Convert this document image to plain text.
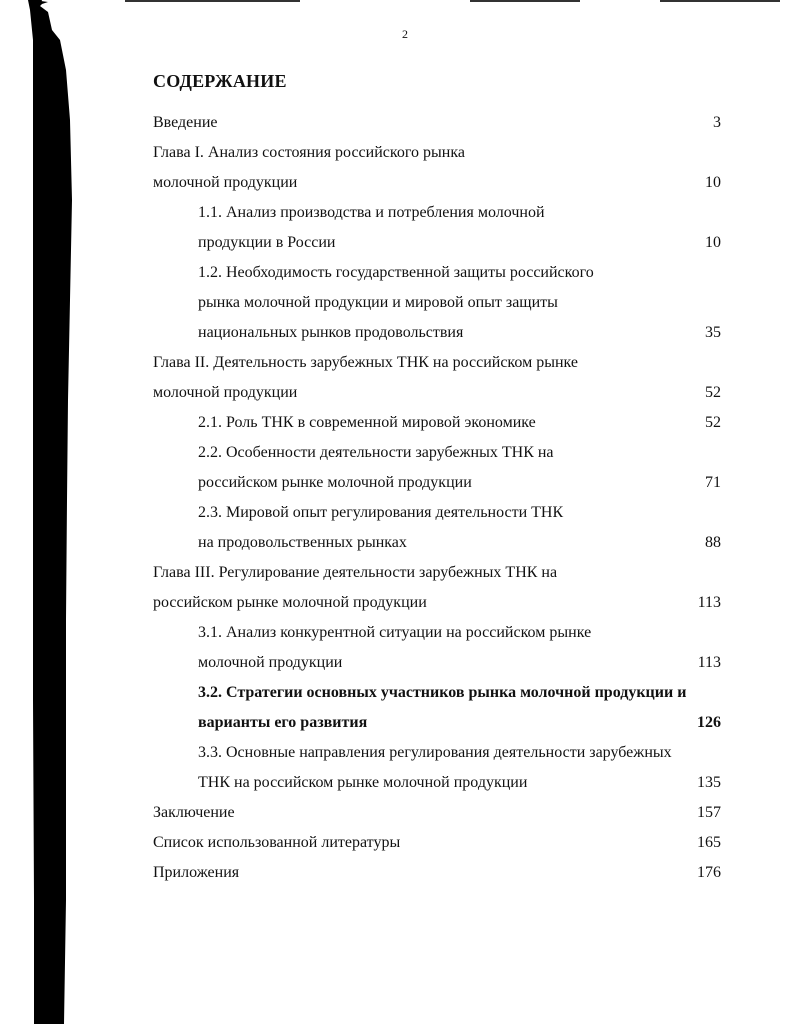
2
СОДЕРЖАНИЕ
Введение	3
Глава I. Анализ состояния российского рынка
молочной продукции	10
1.1. Анализ производства и потребления молочной
продукции в России	10
1.2. Необходимость государственной защиты российского
рынка молочной продукции и мировой опыт защиты
национальных рынков продовольствия	35
Глава II. Деятельность зарубежных ТНК на российском рынке
молочной продукции	52
2.1. Роль ТНК в современной мировой экономике	52
2.2. Особенности деятельности зарубежных ТНК на
российском рынке молочной продукции	71
2.3. Мировой опыт регулирования деятельности ТНК
на продовольственных рынках	88
Глава III. Регулирование деятельности зарубежных ТНК на
российском рынке молочной продукции	113
3.1. Анализ конкурентной ситуации на российском рынке
молочной продукции	113
3.2. Стратегии основных участников рынка молочной продукции и
варианты его развития	126
3.3. Основные направления регулирования деятельности зарубежных
ТНК на российском рынке молочной продукции	135
Заключение	157
Список использованной литературы	165
Приложения	176
